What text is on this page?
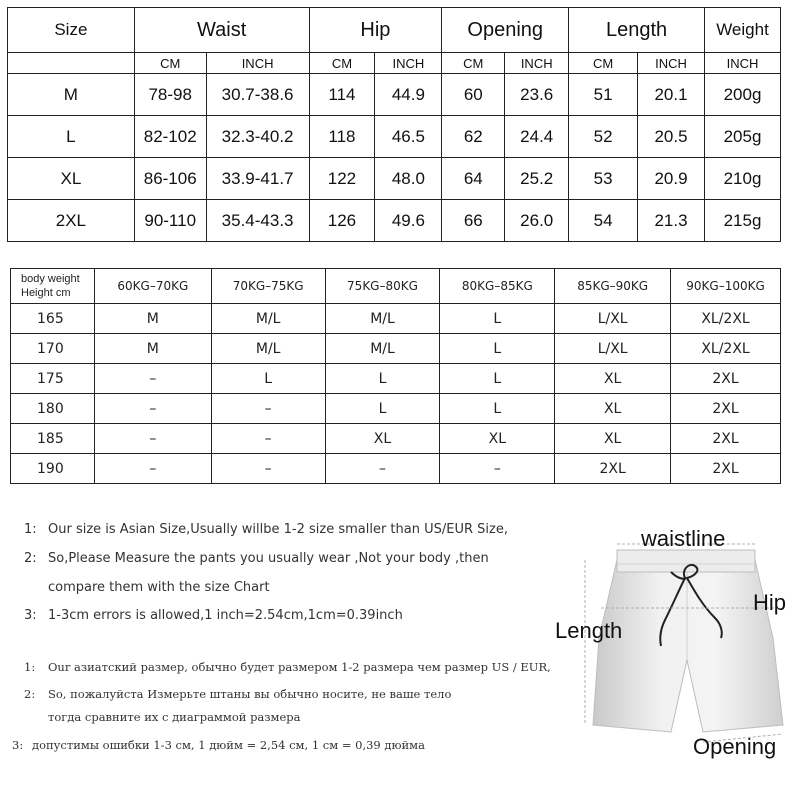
Size	Waist		Hip		Opening		Length		Weight
	CM	INCH	CM	INCH	CM	INCH	CM	INCH	INCH
M	78-98	30.7-38.6	114	44.9	60	23.6	51	20.1	200g
L	82-102	32.3-40.2	118	46.5	62	24.4	52	20.5	205g
XL	86-106	33.9-41.7	122	48.0	64	25.2	53	20.9	210g
2XL	90-110	35.4-43.3	126	49.6	66	26.0	54	21.3	215g
body weight
Height cm	60KG–70KG	70KG–75KG	75KG–80KG	80KG–85KG	85KG–90KG	90KG–100KG
165	M	M/L	M/L	L	L/XL	XL/2XL
170	M	M/L	M/L	L	L/XL	XL/2XL
175	–	L	L	L	XL	2XL
180	–	–	L	L	XL	2XL
185	–	–	XL	XL	XL	2XL
190	–	–	–	–	2XL	2XL
1: Our size is Asian Size,Usually willbe 1-2 size smaller than US/EUR Size,
2: So,Please Measure the pants you usually wear ,Not your body ,then
compare them with the size Chart
3: 1-3cm errors is allowed,1 inch=2.54cm,1cm=0.39inch
1: Our азиатский размер, обычно будет размером 1-2 размера чем размер US / EUR,
2: So, пожалуйста Измерьте штаны вы обычно носите, не ваше тело
тогда сравните их с диаграммой размера
3: допустимы ошибки 1-3 см, 1 дюйм = 2,54 см, 1 см = 0,39 дюйма
waistline
Hip
Length
Opening
